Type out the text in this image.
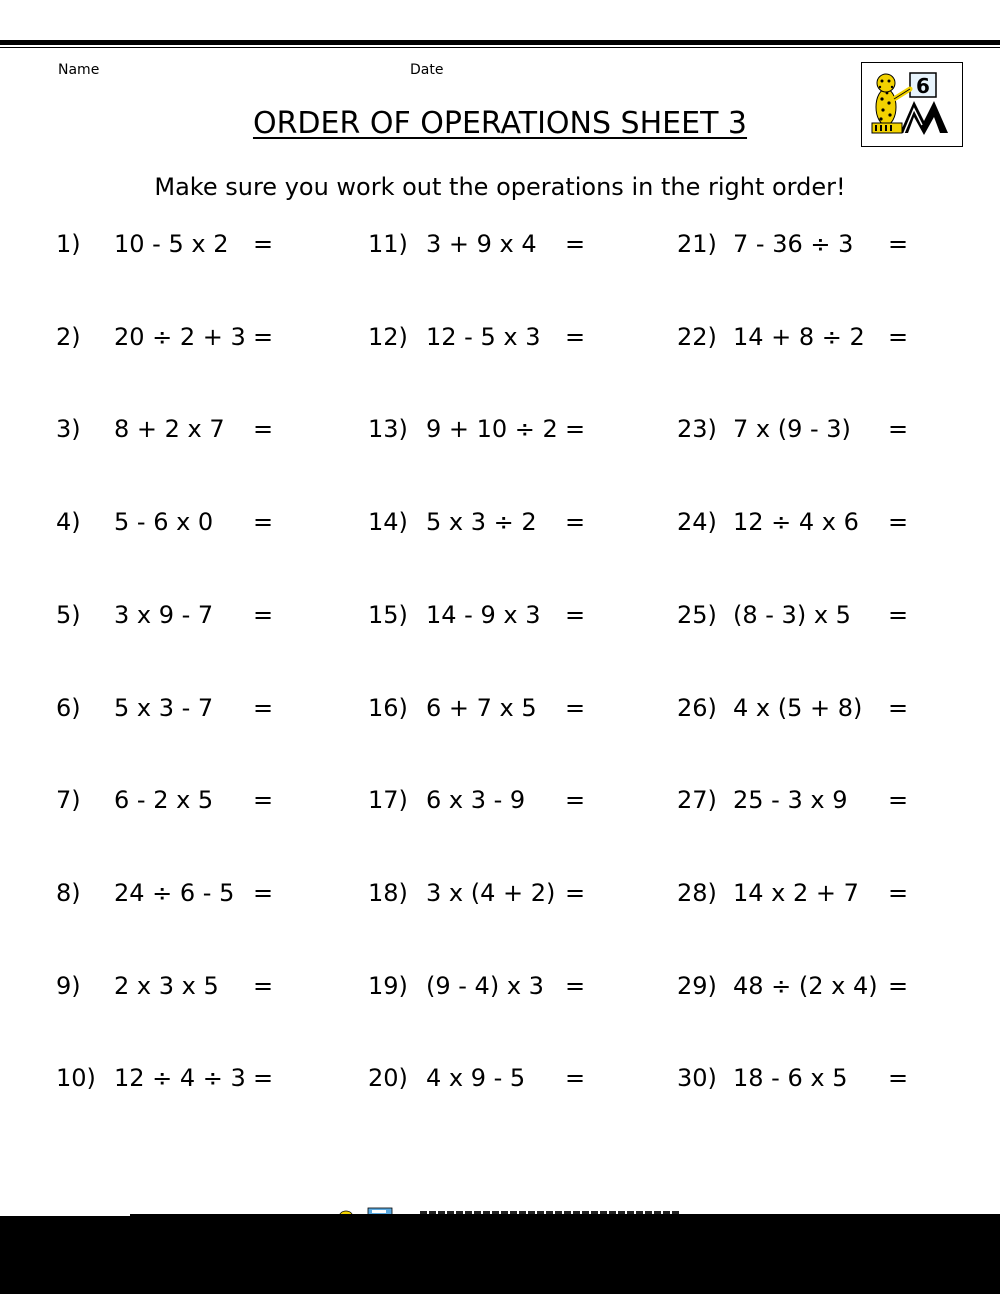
Name	Date
6
ORDER OF OPERATIONS SHEET 3
Make sure you work out the operations in the right order!
1) 10 - 5 x 2 =
2) 20 ÷ 2 + 3 =
3) 8 + 2 x 7 =
4) 5 - 6 x 0 =
5) 3 x 9 - 7 =
6) 5 x 3 - 7 =
7) 6 - 2 x 5 =
8) 24 ÷ 6 - 5 =
9) 2 x 3 x 5 =
10) 12 ÷ 4 ÷ 3 =
11) 3 + 9 x 4 =
12) 12 - 5 x 3 =
13) 9 + 10 ÷ 2 =
14) 5 x 3 ÷ 2 =
15) 14 - 9 x 3 =
16) 6 + 7 x 5 =
17) 6 x 3 - 9 =
18) 3 x (4 + 2) =
19) (9 - 4) x 3 =
20) 4 x 9 - 5 =
21) 7 - 36 ÷ 3 =
22) 14 + 8 ÷ 2 =
23) 7 x (9 - 3) =
24) 12 ÷ 4 x 6 =
25) (8 - 3) x 5 =
26) 4 x (5 + 8) =
27) 25 - 3 x 9 =
28) 14 x 2 + 7 =
29) 48 ÷ (2 x 4) =
30) 18 - 6 x 5 =
